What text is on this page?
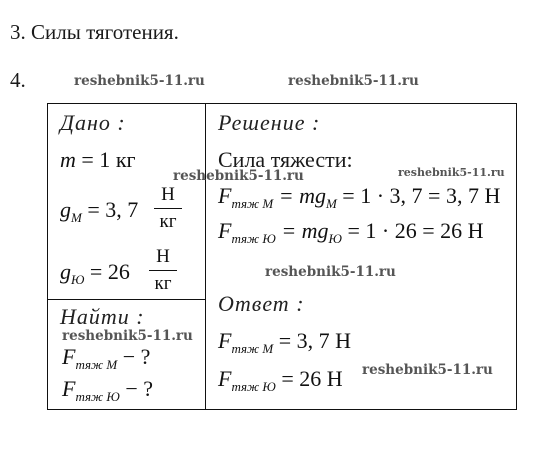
3. Силы тяготения.
4.	reshebnik5-11.ru	reshebnik5-11.ru
Дано :
m = 1 кг
$g_М = 3$, 7
Н
кг
$g_Ю = 26$
Н
кг
Найти :
reshebnik5-11.ru
$F_{тяж М}$ − ?
$F_{тяж Ю}$ − ?
Решение :
Сила тяжести:
reshebnik5-11.ru
reshebnik5-11.ru
$F_{тяж М} = mg_М = 1 \cdot 3$, 7 = 3, 7 Н
$F_{тяж Ю} = mg_Ю = 1 \cdot 26 = 26$ Н
reshebnik5-11.ru
Ответ :
$F_{тяж М} = 3$, 7 Н
$F_{тяж Ю} = 26$ Н reshebnik5-11.ru
